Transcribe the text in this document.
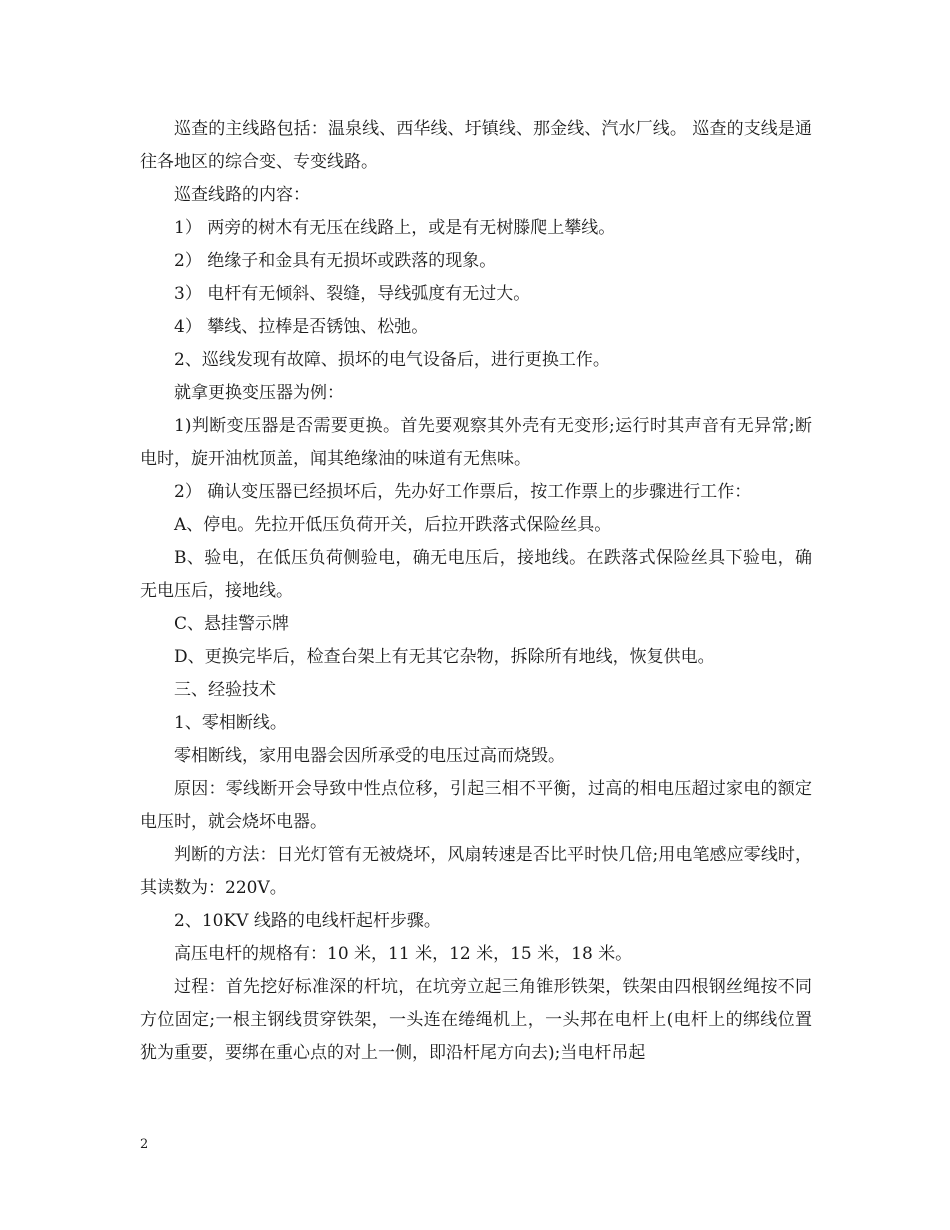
巡查的主线路包括：温泉线、西华线、圩镇线、那金线、汽水厂线。 巡查的支线是通往各地区的综合变、专变线路。

巡查线路的内容：

1） 两旁的树木有无压在线路上，或是有无树滕爬上攀线。

2） 绝缘子和金具有无损坏或跌落的现象。

3） 电杆有无倾斜、裂缝，导线弧度有无过大。

4） 攀线、拉棒是否锈蚀、松弛。

2、巡线发现有故障、损坏的电气设备后，进行更换工作。

就拿更换变压器为例：

1)判断变压器是否需要更换。首先要观察其外壳有无变形;运行时其声音有无异常;断电时，旋开油枕顶盖，闻其绝缘油的味道有无焦味。

2） 确认变压器已经损坏后，先办好工作票后，按工作票上的步骤进行工作：

A、停电。先拉开低压负荷开关，后拉开跌落式保险丝具。

B、验电，在低压负荷侧验电，确无电压后，接地线。在跌落式保险丝具下验电，确无电压后，接地线。

C、悬挂警示牌

D、更换完毕后，检查台架上有无其它杂物，拆除所有地线，恢复供电。

三、经验技术

1、零相断线。

零相断线，家用电器会因所承受的电压过高而烧毁。

原因：零线断开会导致中性点位移，引起三相不平衡，过高的相电压超过家电的额定电压时，就会烧坏电器。

判断的方法：日光灯管有无被烧坏，风扇转速是否比平时快几倍;用电笔感应零线时，其读数为：220V。

2、10KV 线路的电线杆起杆步骤。

高压电杆的规格有：10 米，11 米，12 米，15 米，18 米。

过程：首先挖好标准深的杆坑，在坑旁立起三角锥形铁架，铁架由四根钢丝绳按不同方位固定;一根主钢线贯穿铁架，一头连在绻绳机上，一头邦在电杆上(电杆上的绑线位置犹为重要，要绑在重心点的对上一侧，即沿杆尾方向去);当电杆吊起

2
